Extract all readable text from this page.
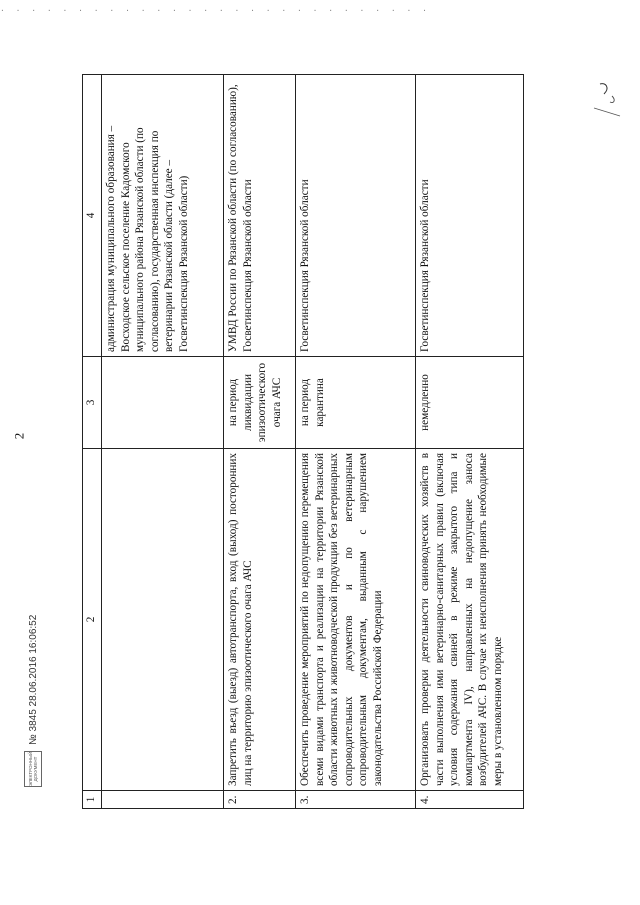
. . . . . . . . . . . . . . . . . . . . . . . . . . . .
2
1	2	3	4
			администрация муниципального образования – Восходское сельское поселение Кадомского муниципального района Рязанской области (по согласованию), государственная инспекция по ветеринарии Рязанской области (далее – Госветинспекция Рязанской области)
2.	Запретить въезд (выезд) автотранспорта, вход (выход) посторонних лиц на территорию эпизоотического очага АЧС	на период ликвидации эпизоотического очага АЧС	УМВД России по Рязанской области (по согласованию), Госветинспекция Рязанской области
3.	Обеспечить проведение мероприятий по недопущению перемещения всеми видами транспорта и реализации на территории Рязанской области животных и животноводческой продукции без ветеринарных сопроводительных документов и по ветеринарным сопроводительным документам, выданным с нарушением законодательства Российской Федерации	на период карантина	Госветинспекция Рязанской области
4.	Организовать проверки деятельности свиноводческих хозяйств в части выполнения ими ветеринарно-санитарных правил (включая условия содержания свиней в режиме закрытого типа и компартмента IV), направленных на недопущение заноса возбудителей АЧС. В случае их неисполнения принять необходимые меры в установленном порядке	немедленно	Госветинспекция Рязанской области
ЭЛЕКТРОННЫЙ ДОКУМЕНТ
№ 3845 28.06.2016 16:06:52
